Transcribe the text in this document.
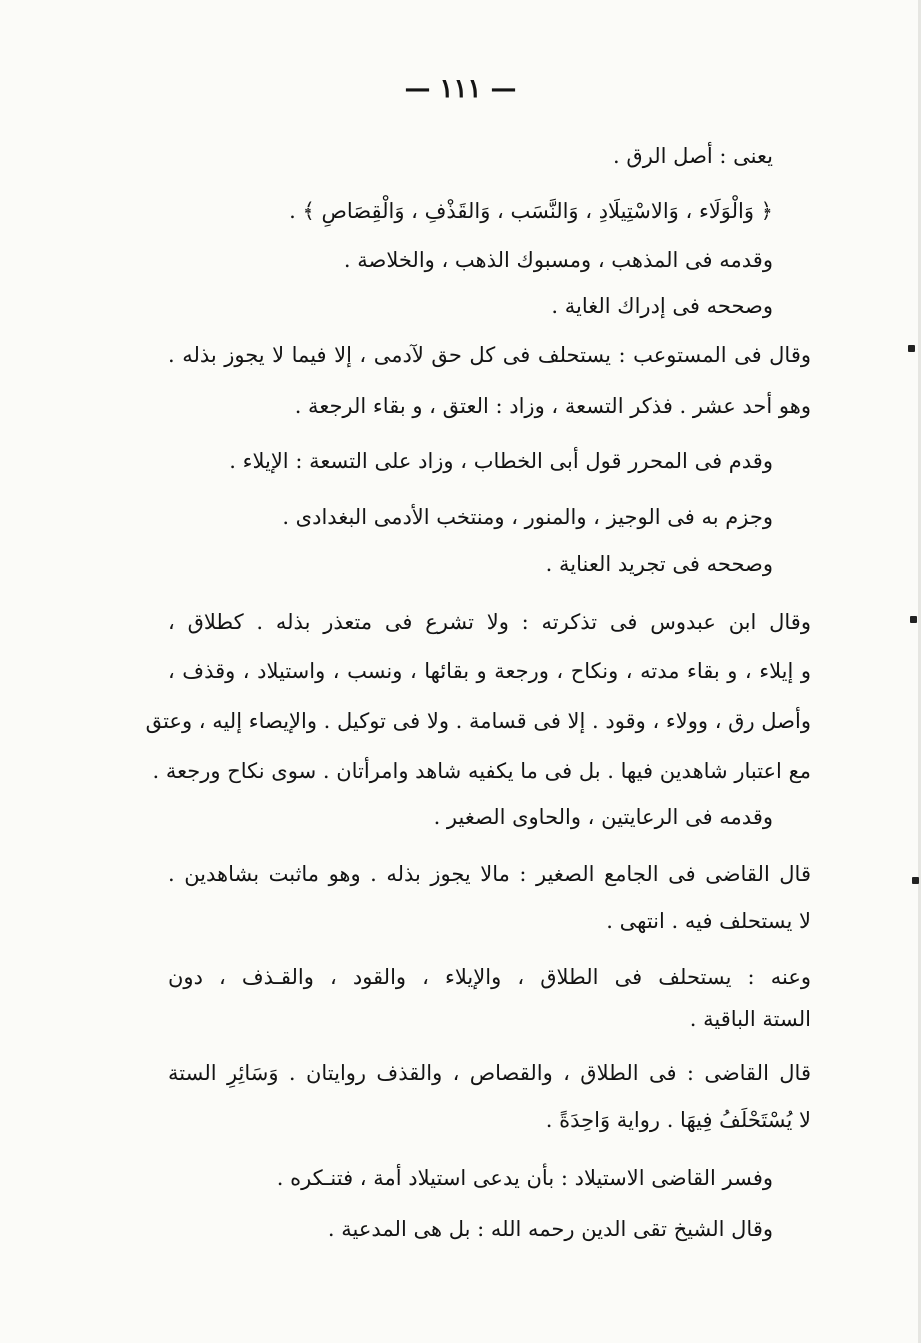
— ١١١ —
يعنى : أصل الرق .
﴿ وَالْوَلَاء ، وَالاسْتِيلَادِ ، وَالنَّسَب ، وَالقَذْفِ ، وَالْقِصَاصِ ﴾ .
وقدمه فى المذهب ، ومسبوك الذهب ، والخلاصة .
وصححه فى إدراك الغاية .
وقال فى المستوعب : يستحلف فى كل حق لآدمى ، إلا فيما لا يجوز بذله .
وهو أحد عشر . فذكر التسعة ، وزاد : العتق ، و بقاء الرجعة .
وقدم فى المحرر قول أبى الخطاب ، وزاد على التسعة : الإيلاء .
وجزم به فى الوجيز ، والمنور ، ومنتخب الأدمى البغدادى .
وصححه فى تجريد العناية .
وقال ابن عبدوس فى تذكرته : ولا تشرع فى متعذر بذله . كطلاق ،
و إيلاء ، و بقاء مدته ، ونكاح ، ورجعة و بقائها ، ونسب ، واستيلاد ، وقذف ،
وأصل رق ، وولاء ، وقود . إلا فى قسامة . ولا فى توكيل . والإيصاء إليه ، وعتق
مع اعتبار شاهدين فيها . بل فى ما يكفيه شاهد وامرأتان . سوى نكاح ورجعة .
وقدمه فى الرعايتين ، والحاوى الصغير .
قال القاضى فى الجامع الصغير : مالا يجوز بذله . وهو ماثبت بشاهدين .
لا يستحلف فيه . انتهى .
وعنه : يستحلف فى الطلاق ، والإيلاء ، والقود ، والقـذف ، دون
الستة الباقية .
قال القاضى : فى الطلاق ، والقصاص ، والقذف روايتان . وَسَائِرِ الستة
لا يُسْتَحْلَفُ فِيهَا . رواية وَاحِدَةً .
وفسر القاضى الاستيلاد : بأن يدعى استيلاد أمة ، فتنـكره .
وقال الشيخ تقى الدين رحمه الله : بل هى المدعية .
